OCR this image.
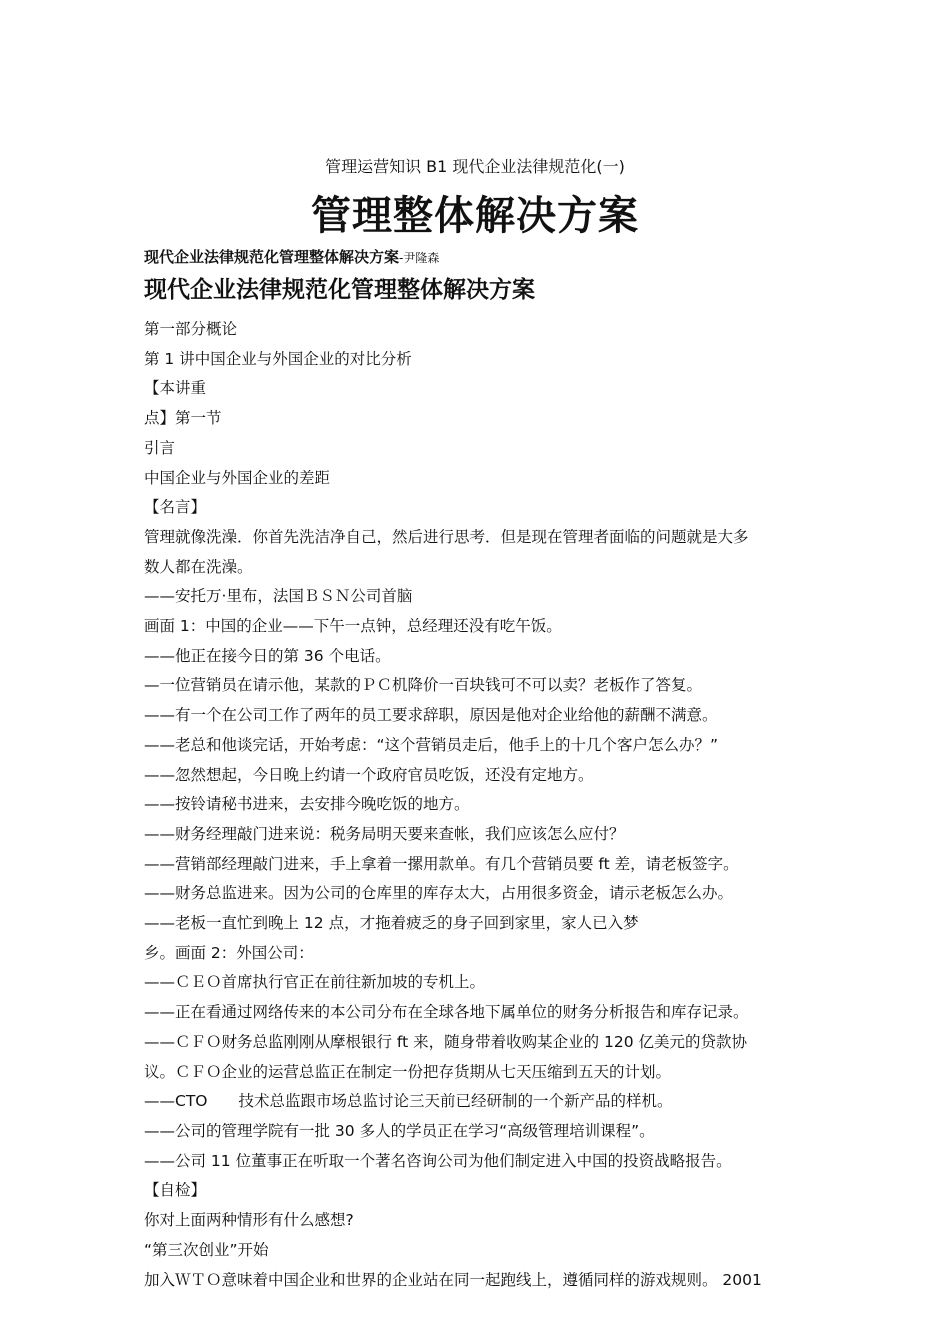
管理运营知识 B1 现代企业法律规范化(一)
管理整体解决方案
现代企业法律规范化管理整体解决方案-尹隆森
现代企业法律规范化管理整体解决方案
第一部分概论
第 1 讲中国企业与外国企业的对比分析
【本讲重
点】第一节
引言
中国企业与外国企业的差距
【名言】
管理就像洗澡．你首先洗洁净自己，然后进行思考．但是现在管理者面临的问题就是大多
数人都在洗澡。
——安托万·里布，法国ＢＳＮ公司首脑
画面 1：中国的企业——下午一点钟，总经理还没有吃午饭。
——他正在接今日的第 36 个电话。
—一位营销员在请示他，某款的ＰＣ机降价一百块钱可不可以卖？老板作了答复。
——有一个在公司工作了两年的员工要求辞职，原因是他对企业给他的薪酬不满意。
——老总和他谈完话，开始考虑：“这个营销员走后，他手上的十几个客户怎么办？”
——忽然想起，今日晚上约请一个政府官员吃饭，还没有定地方。
——按铃请秘书进来，去安排今晚吃饭的地方。
——财务经理敲门进来说：税务局明天要来查帐，我们应该怎么应付？
——营销部经理敲门进来，手上拿着一摞用款单。有几个营销员要 ft 差，请老板签字。
——财务总监进来。因为公司的仓库里的库存太大，占用很多资金，请示老板怎么办。
——老板一直忙到晚上 12 点，才拖着疲乏的身子回到家里，家人已入梦
乡。画面 2：外国公司：
——ＣＥＯ首席执行官正在前往新加坡的专机上。
——正在看通过网络传来的本公司分布在全球各地下属单位的财务分析报告和库存记录。
——ＣＦＯ财务总监刚刚从摩根银行 ft 来，随身带着收购某企业的 120 亿美元的贷款协
议。ＣＦＯ企业的运营总监正在制定一份把存货期从七天压缩到五天的计划。
——CTO　　技术总监跟市场总监讨论三天前已经研制的一个新产品的样机。
——公司的管理学院有一批 30 多人的学员正在学习“高级管理培训课程”。
——公司 11 位董事正在听取一个著名咨询公司为他们制定进入中国的投资战略报告。
【自检】
你对上面两种情形有什么感想?
“第三次创业”开始
加入ＷＴＯ意味着中国企业和世界的企业站在同一起跑线上，遵循同样的游戏规则。 2001
